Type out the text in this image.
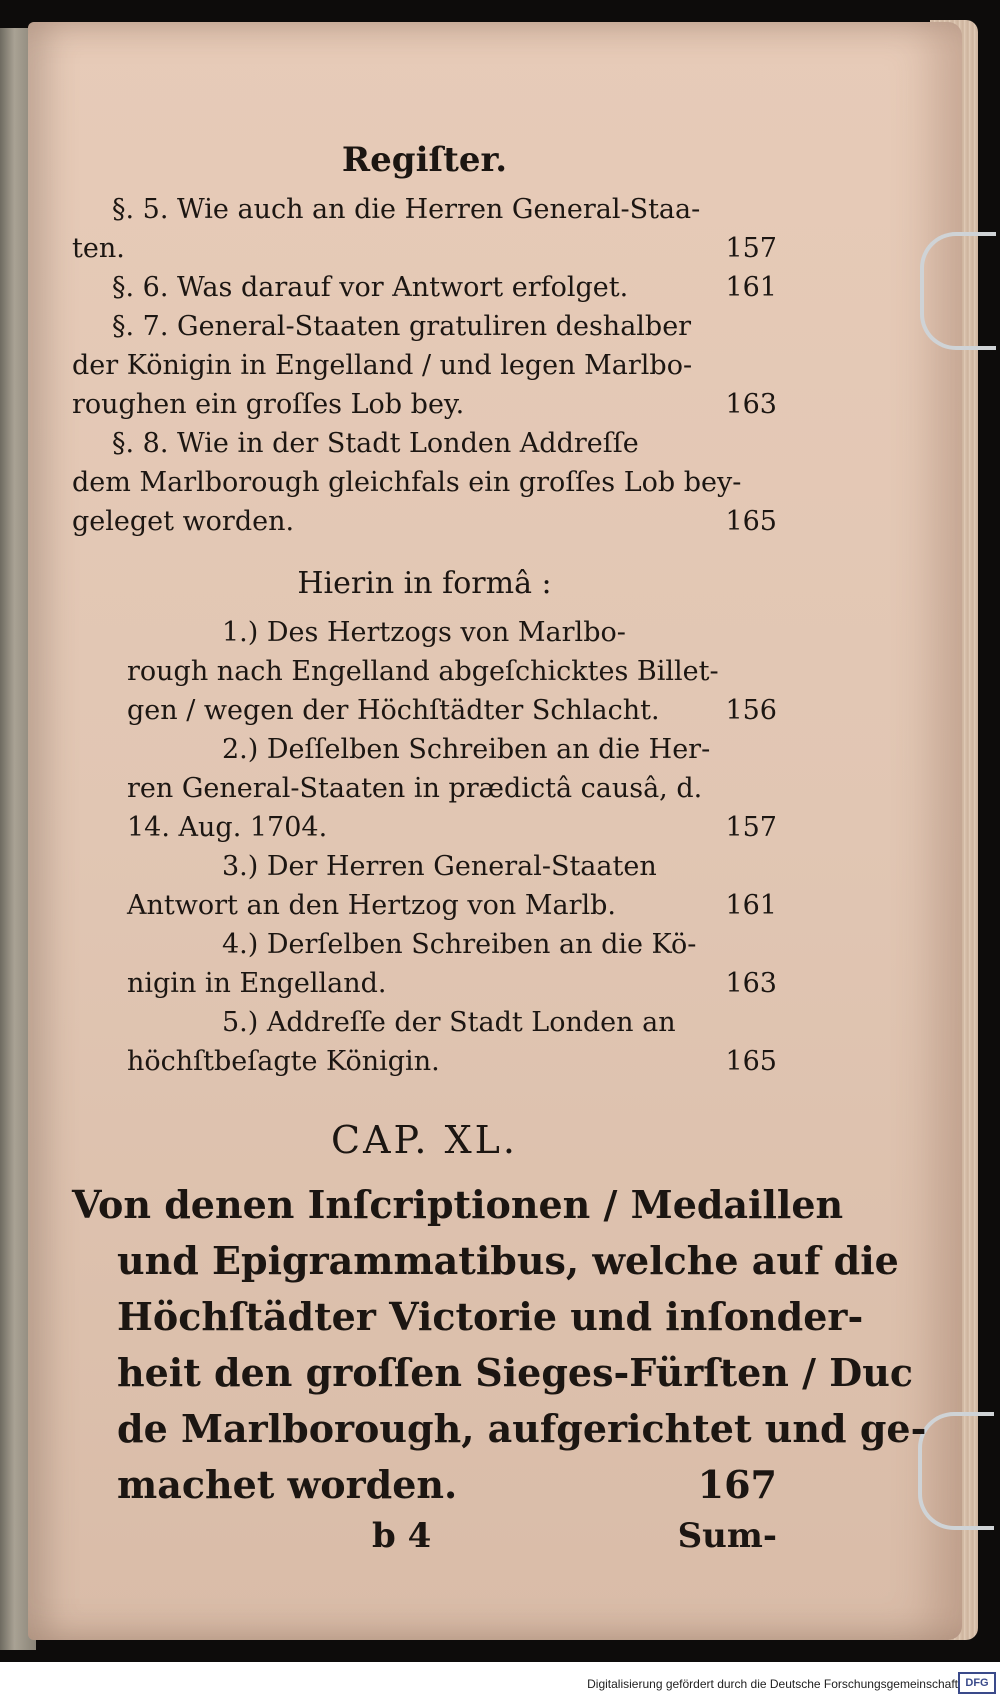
Regiſter.
§. 5. Wie auch an die Herren General-Staa-
ten.	157
§. 6. Was darauf vor Antwort erfolget.	161
§. 7. General-Staaten gratuliren deshalber
der Königin in Engelland / und legen Marlbo-
roughen ein groſſes Lob bey.	163
§. 8. Wie in der Stadt Londen Addreſſe
dem Marlborough gleichfals ein groſſes Lob bey-
geleget worden.	165
Hierin in formâ :
1.) Des Hertzogs von Marlbo-
rough nach Engelland abgeſchicktes Billet-
gen / wegen der Höchſtädter Schlacht. 156
2.) Deſſelben Schreiben an die Her-
ren General-Staaten in prædictâ causâ, d.
14. Aug. 1704.	157
3.) Der Herren General-Staaten
Antwort an den Hertzog von Marlb.	161
4.) Derſelben Schreiben an die Kö-
nigin in Engelland.	163
5.) Addreſſe der Stadt Londen an
höchſtbeſagte Königin.	165
CAP. XL.
Von denen Inſcriptionen / Medaillen
und Epigrammatibus, welche auf die
Höchſtädter Victorie und inſonder-
heit den groſſen Sieges-Fürſten / Duc
de Marlborough, aufgerichtet und ge-
machet worden.	167
b 4	Sum-
Digitalisierung gefördert durch die Deutsche Forschungsgemeinschaft DFG
